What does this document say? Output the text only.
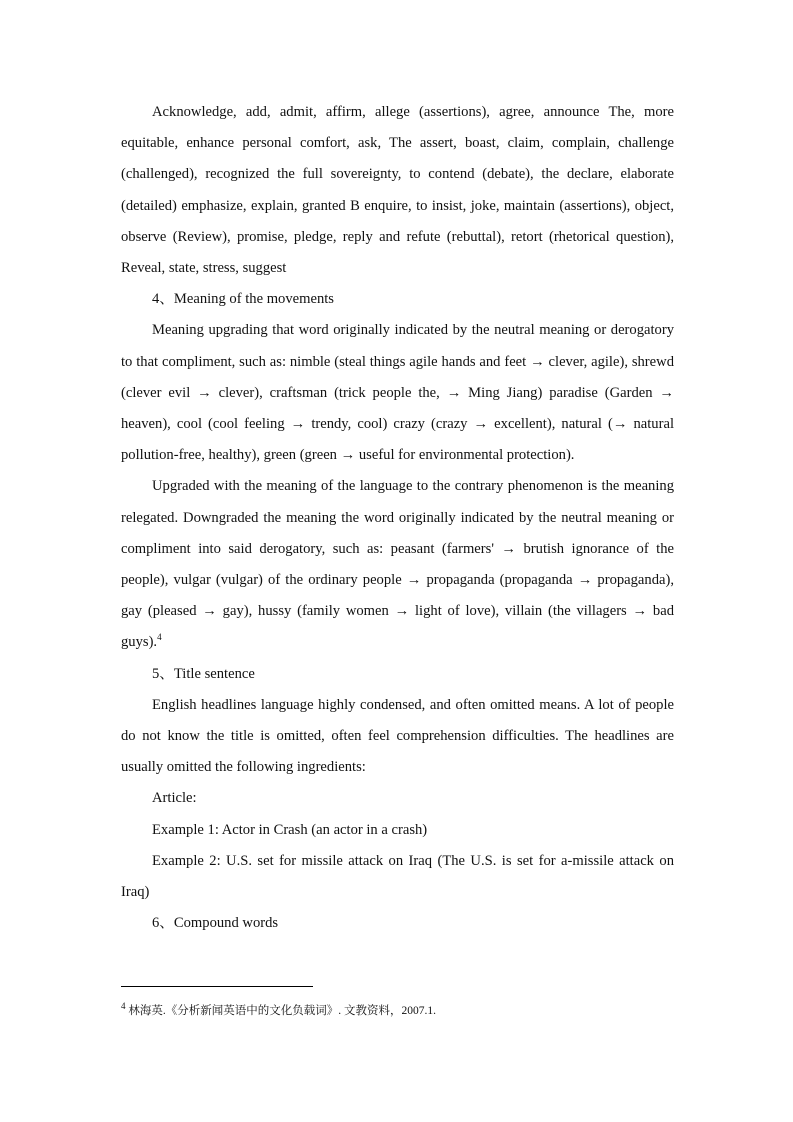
Acknowledge, add, admit, affirm, allege (assertions), agree, announce The, more equitable, enhance personal comfort, ask, The assert, boast, claim, complain, challenge (challenged), recognized the full sovereignty, to contend (debate), the declare, elaborate (detailed) emphasize, explain, granted B enquire, to insist, joke, maintain (assertions), object, observe (Review), promise, pledge, reply and refute (rebuttal), retort (rhetorical question), Reveal, state, stress, suggest

4、Meaning of the movements

Meaning upgrading that word originally indicated by the neutral meaning or derogatory to that compliment, such as: nimble (steal things agile hands and feet → clever, agile), shrewd (clever evil → clever), craftsman (trick people the, → Ming Jiang) paradise (Garden → heaven), cool (cool feeling → trendy, cool) crazy (crazy → excellent), natural (→ natural pollution-free, healthy), green (green → useful for environmental protection).

Upgraded with the meaning of the language to the contrary phenomenon is the meaning relegated. Downgraded the meaning the word originally indicated by the neutral meaning or compliment into said derogatory, such as: peasant (farmers' → brutish ignorance of the people), vulgar (vulgar) of the ordinary people → propaganda (propaganda → propaganda), gay (pleased → gay), hussy (family women → light of love), villain (the villagers → bad guys).$^4$

5、Title sentence

English headlines language highly condensed, and often omitted means. A lot of people do not know the title is omitted, often feel comprehension difficulties. The headlines are usually omitted the following ingredients:

Article:

Example 1: Actor in Crash (an actor in a crash)

Example 2: U.S. set for missile attack on Iraq (The U.S. is set for a-missile attack on Iraq)

6、Compound words

$^4$ 林海英.《分析新闻英语中的文化负载词》. 文教资料，2007.1.
